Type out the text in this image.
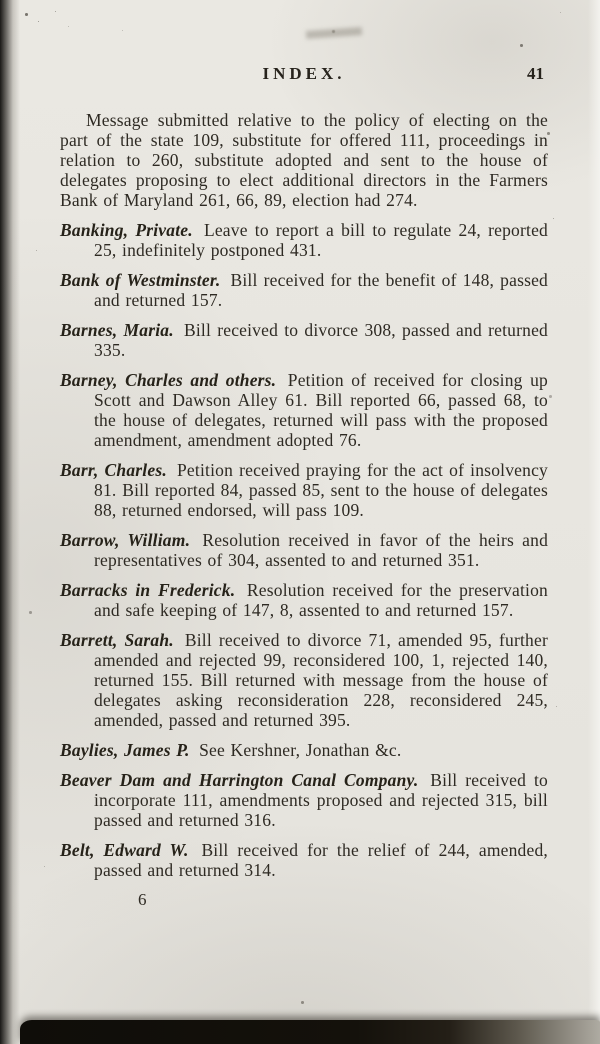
INDEX.	41

Message submitted relative to the policy of electing on the part of the state 109, substitute for offered 111, proceedings in relation to 260, substitute adopted and sent to the house of delegates proposing to elect additional directors in the Farmers Bank of Maryland 261, 66, 89, election had 274.

Banking, Private. Leave to report a bill to regulate 24, reported 25, indefinitely postponed 431.

Bank of Westminster. Bill received for the benefit of 148, passed and returned 157.

Barnes, Maria. Bill received to divorce 308, passed and returned 335.

Barney, Charles and others. Petition of received for closing up Scott and Dawson Alley 61. Bill reported 66, passed 68, to the house of delegates, returned will pass with the proposed amendment, amendment adopted 76.

Barr, Charles. Petition received praying for the act of insolvency 81. Bill reported 84, passed 85, sent to the house of delegates 88, returned endorsed, will pass 109.

Barrow, William. Resolution received in favor of the heirs and representatives of 304, assented to and returned 351.

Barracks in Frederick. Resolution received for the preservation and safe keeping of 147, 8, assented to and returned 157.

Barrett, Sarah. Bill received to divorce 71, amended 95, further amended and rejected 99, reconsidered 100, 1, rejected 140, returned 155. Bill returned with message from the house of delegates asking reconsideration 228, reconsidered 245, amended, passed and returned 395.

Baylies, James P. See Kershner, Jonathan &c.

Beaver Dam and Harrington Canal Company. Bill received to incorporate 111, amendments proposed and rejected 315, bill passed and returned 316.

Belt, Edward W. Bill received for the relief of 244, amended, passed and returned 314.

6
